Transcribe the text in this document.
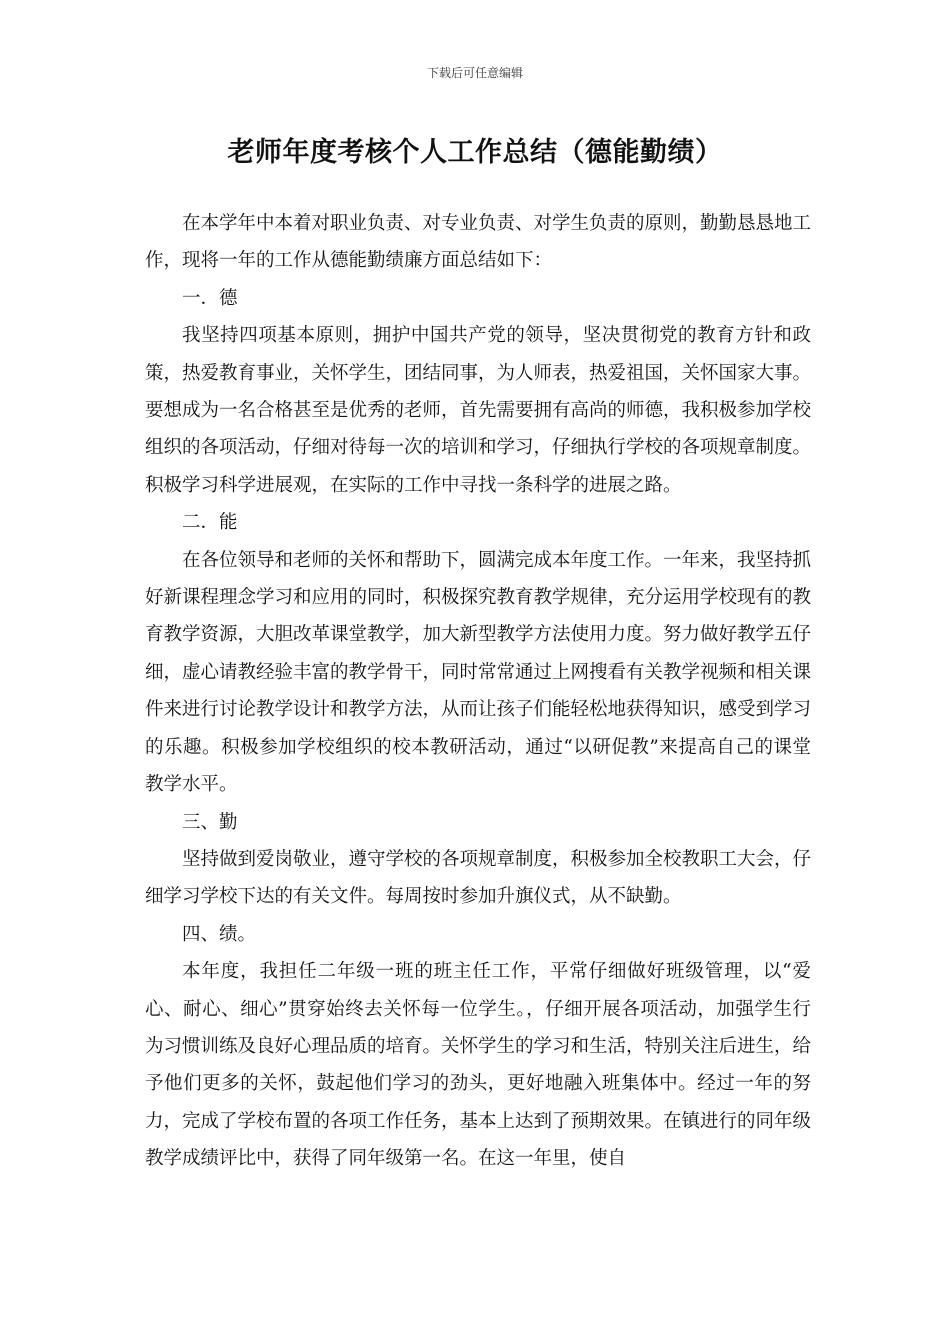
下载后可任意编辑
老师年度考核个人工作总结（德能勤绩）

在本学年中本着对职业负责、对专业负责、对学生负责的原则，勤勤恳恳地工作，现将一年的工作从德能勤绩廉方面总结如下：

一．德

我坚持四项基本原则，拥护中国共产党的领导，坚决贯彻党的教育方针和政策，热爱教育事业，关怀学生，团结同事，为人师表，热爱祖国，关怀国家大事。要想成为一名合格甚至是优秀的老师，首先需要拥有高尚的师德，我积极参加学校组织的各项活动，仔细对待每一次的培训和学习，仔细执行学校的各项规章制度。积极学习科学进展观，在实际的工作中寻找一条科学的进展之路。

二．能

在各位领导和老师的关怀和帮助下，圆满完成本年度工作。一年来，我坚持抓好新课程理念学习和应用的同时，积极探究教育教学规律，充分运用学校现有的教育教学资源，大胆改革课堂教学，加大新型教学方法使用力度。努力做好教学五仔细，虚心请教经验丰富的教学骨干，同时常常通过上网搜看有关教学视频和相关课件来进行讨论教学设计和教学方法，从而让孩子们能轻松地获得知识，感受到学习的乐趣。积极参加学校组织的校本教研活动，通过“以研促教”来提高自己的课堂教学水平。

三、勤

坚持做到爱岗敬业，遵守学校的各项规章制度，积极参加全校教职工大会，仔细学习学校下达的有关文件。每周按时参加升旗仪式，从不缺勤。

四、绩。

本年度，我担任二年级一班的班主任工作，平常仔细做好班级管理，以“爱心、耐心、细心”贯穿始终去关怀每一位学生。，仔细开展各项活动，加强学生行为习惯训练及良好心理品质的培育。关怀学生的学习和生活，特别关注后进生，给予他们更多的关怀，鼓起他们学习的劲头，更好地融入班集体中。经过一年的努力，完成了学校布置的各项工作任务，基本上达到了预期效果。在镇进行的同年级教学成绩评比中，获得了同年级第一名。在这一年里，使自
